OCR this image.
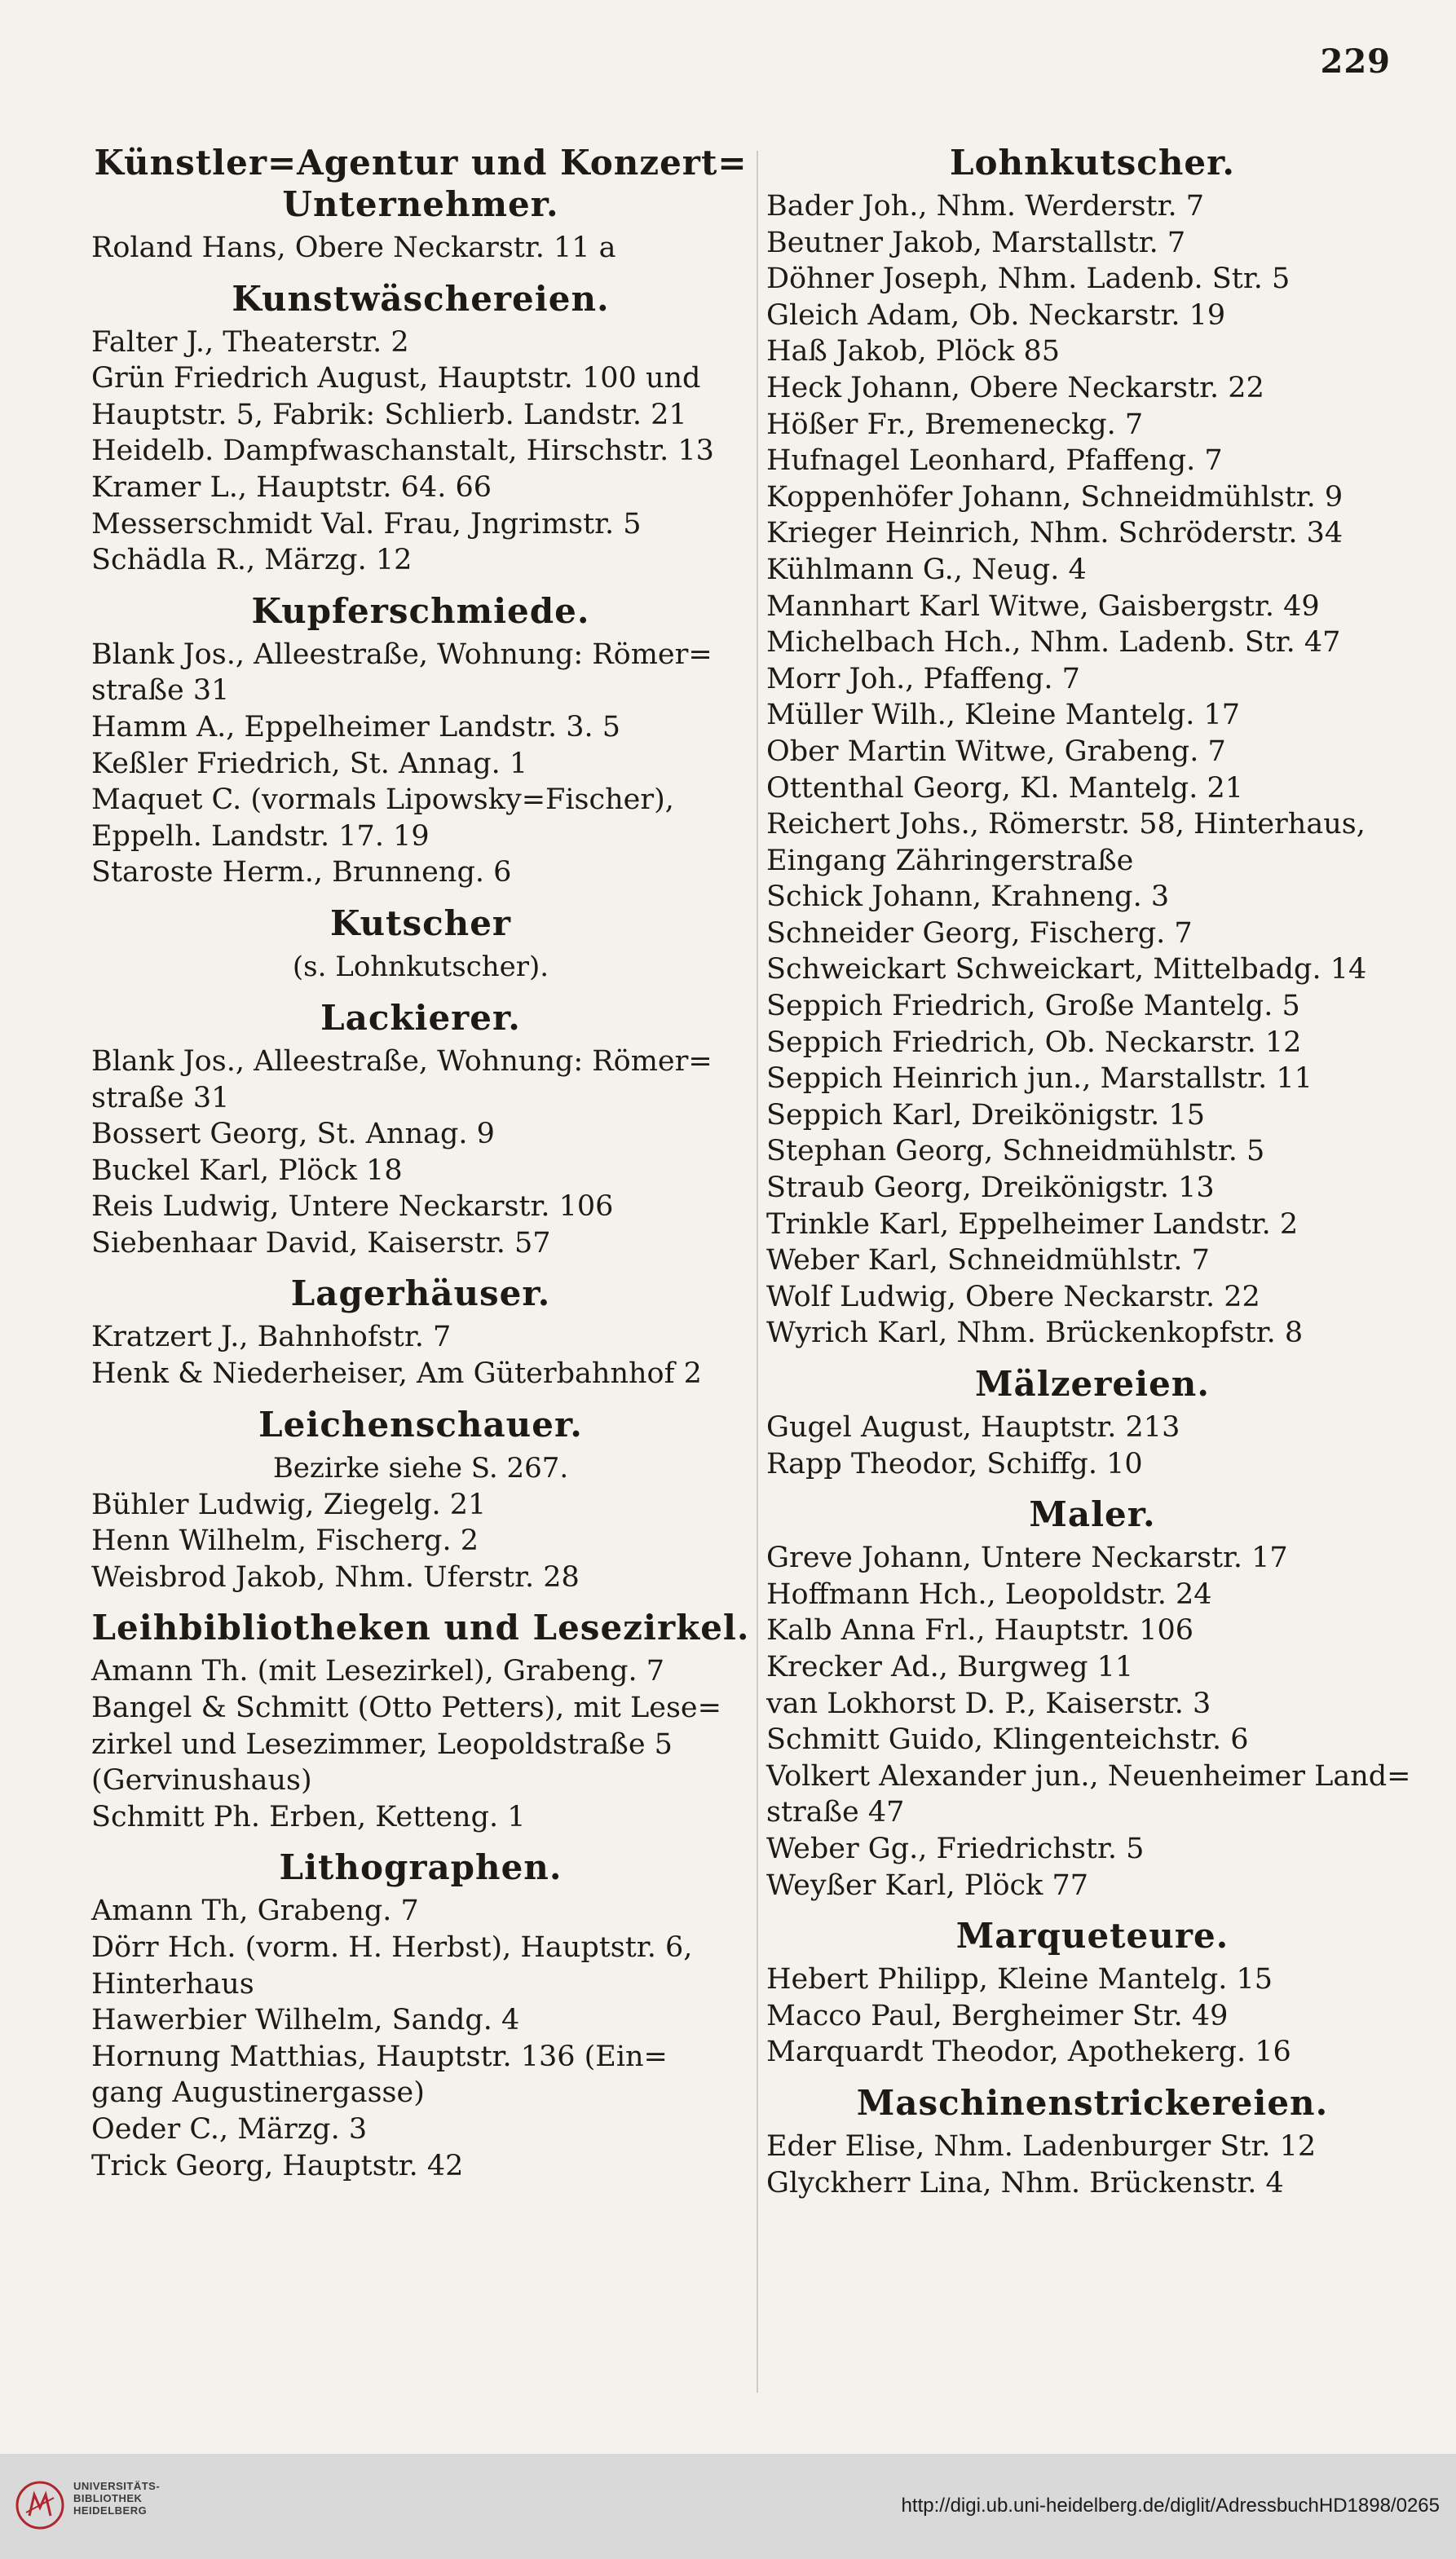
229
Künstler=Agentur und Konzert=
Unternehmer.
Roland Hans, Obere Neckarstr. 11 a
Kunstwäschereien.
Falter J., Theaterstr. 2
Grün Friedrich August, Hauptstr. 100 und
Hauptstr. 5, Fabrik: Schlierb. Landstr. 21
Heidelb. Dampfwaschanstalt, Hirschstr. 13
Kramer L., Hauptstr. 64. 66
Messerschmidt Val. Frau, Jngrimstr. 5
Schädla R., Märzg. 12
Kupferschmiede.
Blank Jos., Alleestraße, Wohnung: Römer=
straße 31
Hamm A., Eppelheimer Landstr. 3. 5
Keßler Friedrich, St. Annag. 1
Maquet C. (vormals Lipowsky=Fischer),
Eppelh. Landstr. 17. 19
Staroste Herm., Brunneng. 6
Kutscher
(s. Lohnkutscher).
Lackierer.
Blank Jos., Alleestraße, Wohnung: Römer=
straße 31
Bossert Georg, St. Annag. 9
Buckel Karl, Plöck 18
Reis Ludwig, Untere Neckarstr. 106
Siebenhaar David, Kaiserstr. 57
Lagerhäuser.
Kratzert J., Bahnhofstr. 7
Henk & Niederheiser, Am Güterbahnhof 2
Leichenschauer.
Bezirke siehe S. 267.
Bühler Ludwig, Ziegelg. 21
Henn Wilhelm, Fischerg. 2
Weisbrod Jakob, Nhm. Uferstr. 28
Leihbibliotheken und Lesezirkel.
Amann Th. (mit Lesezirkel), Grabeng. 7
Bangel & Schmitt (Otto Petters), mit Lese=
zirkel und Lesezimmer, Leopoldstraße 5
(Gervinushaus)
Schmitt Ph. Erben, Ketteng. 1
Lithographen.
Amann Th, Grabeng. 7
Dörr Hch. (vorm. H. Herbst), Hauptstr. 6,
Hinterhaus
Hawerbier Wilhelm, Sandg. 4
Hornung Matthias, Hauptstr. 136 (Ein=
gang Augustinergasse)
Oeder C., Märzg. 3
Trick Georg, Hauptstr. 42
Lohnkutscher.
Bader Joh., Nhm. Werderstr. 7
Beutner Jakob, Marstallstr. 7
Döhner Joseph, Nhm. Ladenb. Str. 5
Gleich Adam, Ob. Neckarstr. 19
Haß Jakob, Plöck 85
Heck Johann, Obere Neckarstr. 22
Hößer Fr., Bremeneckg. 7
Hufnagel Leonhard, Pfaffeng. 7
Koppenhöfer Johann, Schneidmühlstr. 9
Krieger Heinrich, Nhm. Schröderstr. 34
Kühlmann G., Neug. 4
Mannhart Karl Witwe, Gaisbergstr. 49
Michelbach Hch., Nhm. Ladenb. Str. 47
Morr Joh., Pfaffeng. 7
Müller Wilh., Kleine Mantelg. 17
Ober Martin Witwe, Grabeng. 7
Ottenthal Georg, Kl. Mantelg. 21
Reichert Johs., Römerstr. 58, Hinterhaus,
Eingang Zähringerstraße
Schick Johann, Krahneng. 3
Schneider Georg, Fischerg. 7
Schweickart Schweickart, Mittelbadg. 14
Seppich Friedrich, Große Mantelg. 5
Seppich Friedrich, Ob. Neckarstr. 12
Seppich Heinrich jun., Marstallstr. 11
Seppich Karl, Dreikönigstr. 15
Stephan Georg, Schneidmühlstr. 5
Straub Georg, Dreikönigstr. 13
Trinkle Karl, Eppelheimer Landstr. 2
Weber Karl, Schneidmühlstr. 7
Wolf Ludwig, Obere Neckarstr. 22
Wyrich Karl, Nhm. Brückenkopfstr. 8
Mälzereien.
Gugel August, Hauptstr. 213
Rapp Theodor, Schiffg. 10
Maler.
Greve Johann, Untere Neckarstr. 17
Hoffmann Hch., Leopoldstr. 24
Kalb Anna Frl., Hauptstr. 106
Krecker Ad., Burgweg 11
van Lokhorst D. P., Kaiserstr. 3
Schmitt Guido, Klingenteichstr. 6
Volkert Alexander jun., Neuenheimer Land=
straße 47
Weber Gg., Friedrichstr. 5
Weyßer Karl, Plöck 77
Marqueteure.
Hebert Philipp, Kleine Mantelg. 15
Macco Paul, Bergheimer Str. 49
Marquardt Theodor, Apothekerg. 16
Maschinenstrickereien.
Eder Elise, Nhm. Ladenburger Str. 12
Glyckherr Lina, Nhm. Brückenstr. 4
UNIVERSITÄTS-
BIBLIOTHEK
HEIDELBERG	http://digi.ub.uni-heidelberg.de/diglit/AdressbuchHD1898/0265
